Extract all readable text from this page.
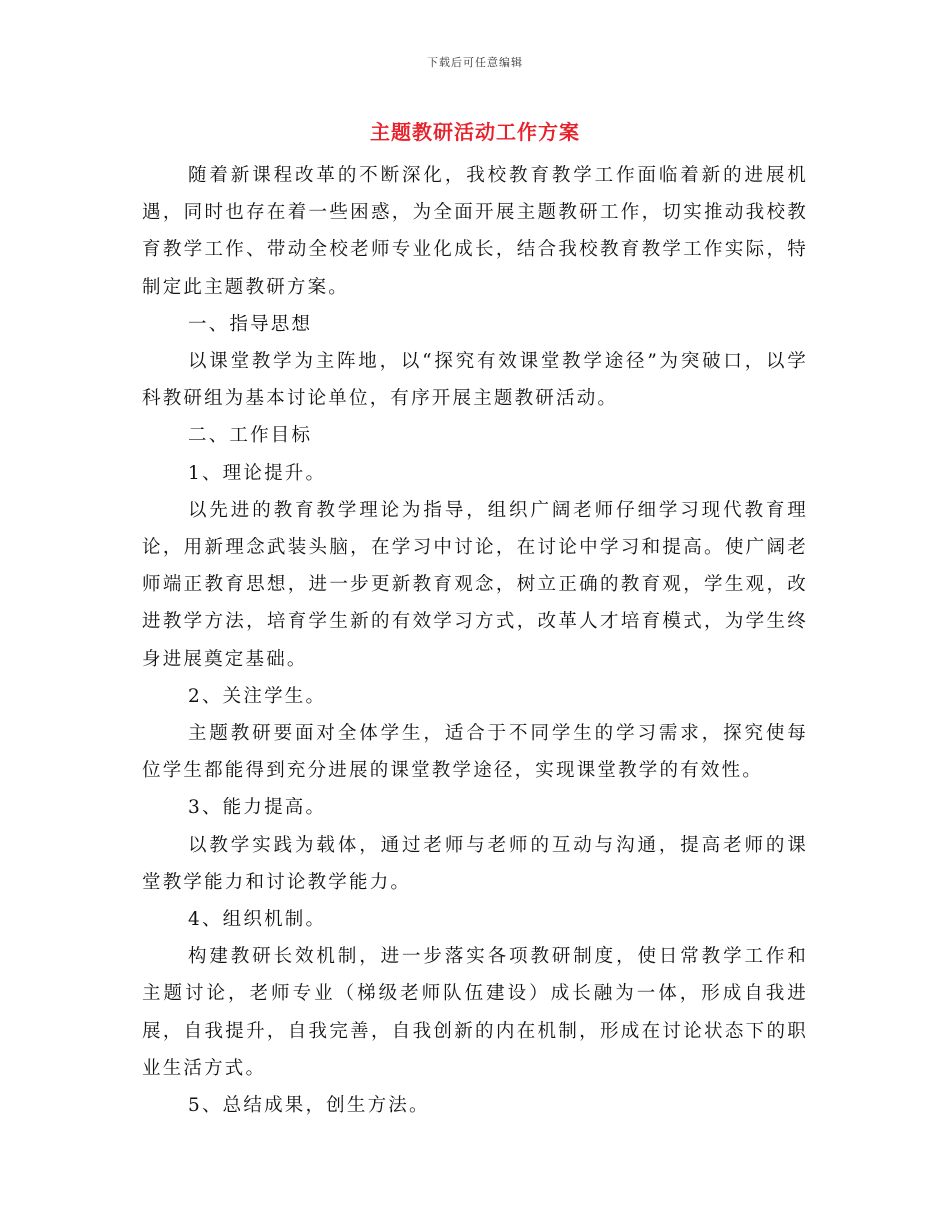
下载后可任意编辑
主题教研活动工作方案

随着新课程改革的不断深化，我校教育教学工作面临着新的进展机遇，同时也存在着一些困惑，为全面开展主题教研工作，切实推动我校教育教学工作、带动全校老师专业化成长，结合我校教育教学工作实际，特制定此主题教研方案。

一、指导思想

以课堂教学为主阵地，以“探究有效课堂教学途径”为突破口，以学科教研组为基本讨论单位，有序开展主题教研活动。

二、工作目标

1、理论提升。

以先进的教育教学理论为指导，组织广阔老师仔细学习现代教育理论，用新理念武装头脑，在学习中讨论，在讨论中学习和提高。使广阔老师端正教育思想，进一步更新教育观念，树立正确的教育观，学生观，改进教学方法，培育学生新的有效学习方式，改革人才培育模式，为学生终身进展奠定基础。

2、关注学生。

主题教研要面对全体学生，适合于不同学生的学习需求，探究使每位学生都能得到充分进展的课堂教学途径，实现课堂教学的有效性。

3、能力提高。

以教学实践为载体，通过老师与老师的互动与沟通，提高老师的课堂教学能力和讨论教学能力。

4、组织机制。

构建教研长效机制，进一步落实各项教研制度，使日常教学工作和主题讨论，老师专业（梯级老师队伍建设）成长融为一体，形成自我进展，自我提升，自我完善，自我创新的内在机制，形成在讨论状态下的职业生活方式。

5、总结成果，创生方法。
